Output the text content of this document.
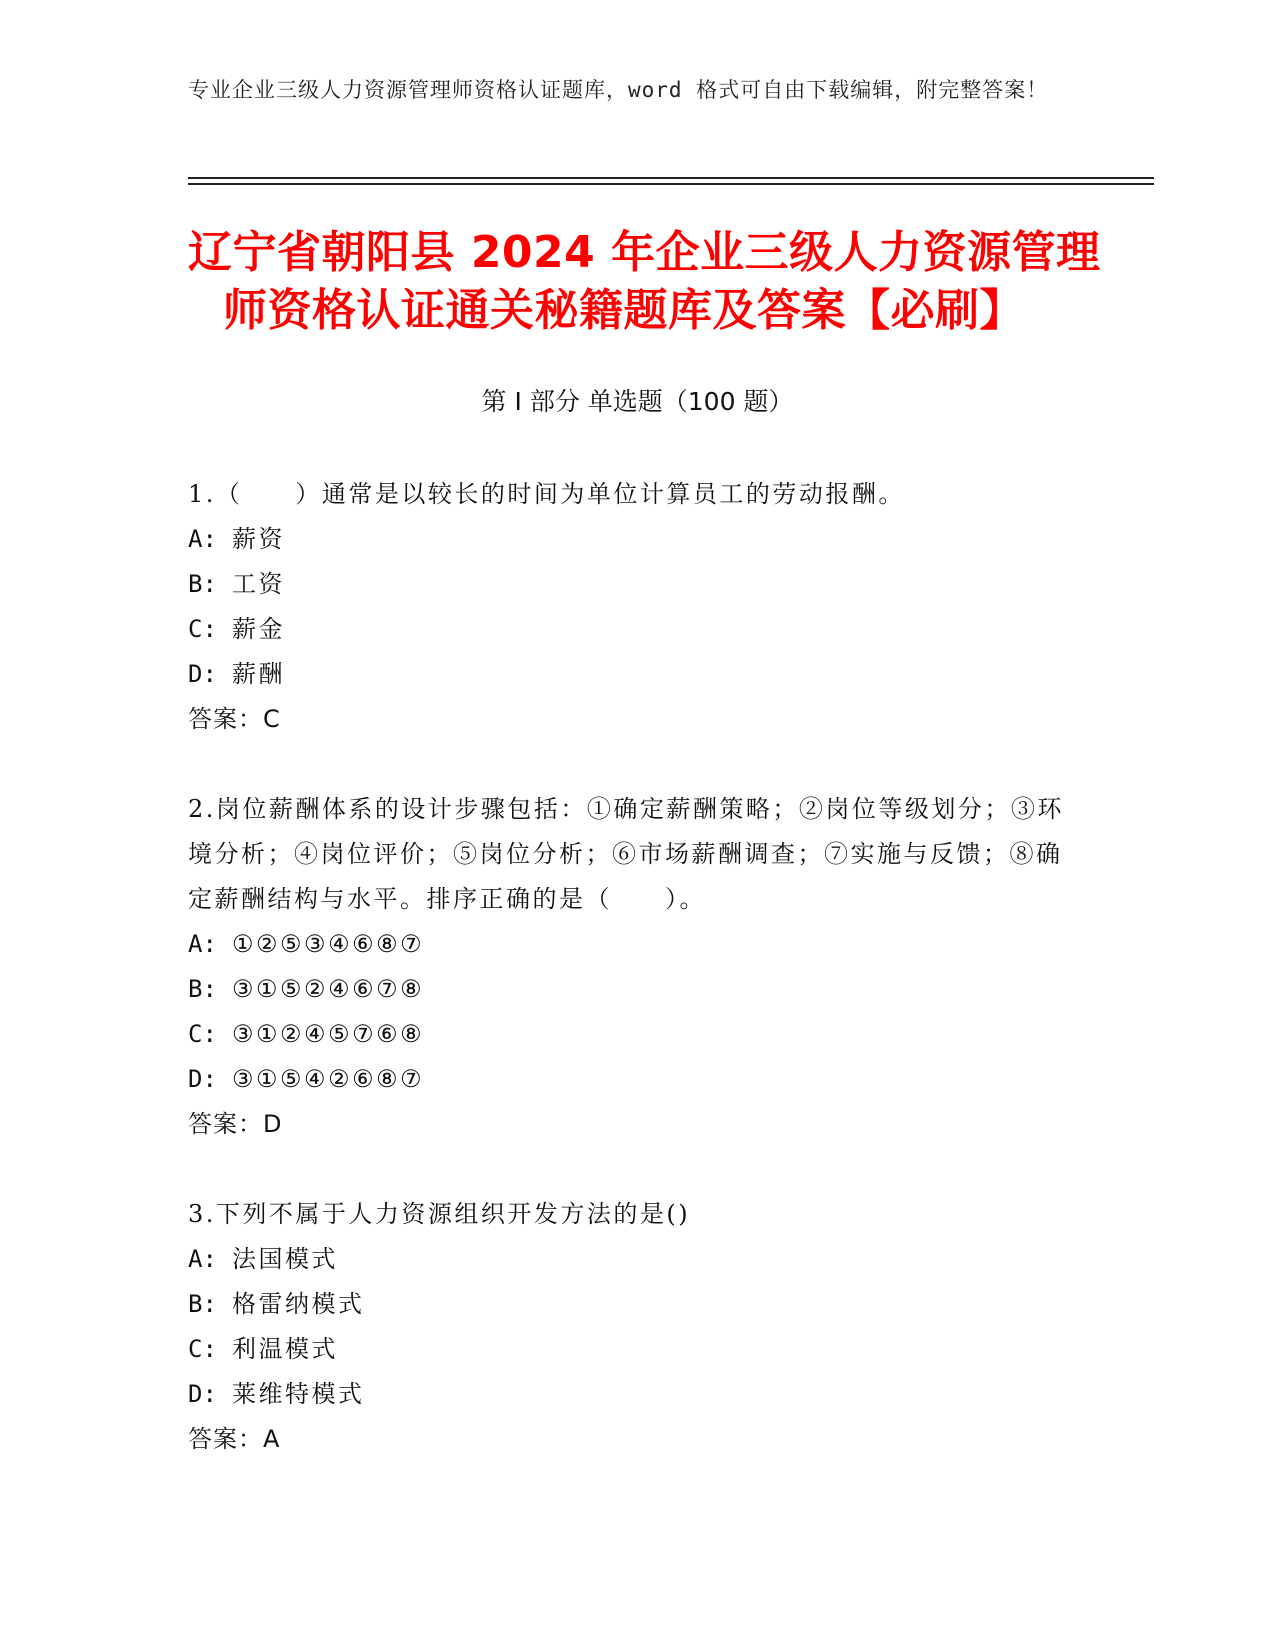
专业企业三级人力资源管理师资格认证题库，word 格式可自由下载编辑，附完整答案！
辽宁省朝阳县 2024 年企业三级人力资源管理
师资格认证通关秘籍题库及答案【必刷】
第 I 部分 单选题（100 题）

1.（　　）通常是以较长的时间为单位计算员工的劳动报酬。

A: 薪资
B: 工资
C: 薪金
D: 薪酬

答案：C

2.岗位薪酬体系的设计步骤包括：①确定薪酬策略；②岗位等级划分；③环境分析；④岗位评价；⑤岗位分析；⑥市场薪酬调查；⑦实施与反馈；⑧确定薪酬结构与水平。排序正确的是（　　）。

A: ①②⑤③④⑥⑧⑦
B: ③①⑤②④⑥⑦⑧
C: ③①②④⑤⑦⑥⑧
D: ③①⑤④②⑥⑧⑦

答案：D

3.下列不属于人力资源组织开发方法的是()

A: 法国模式
B: 格雷纳模式
C: 利温模式
D: 莱维特模式

答案：A
